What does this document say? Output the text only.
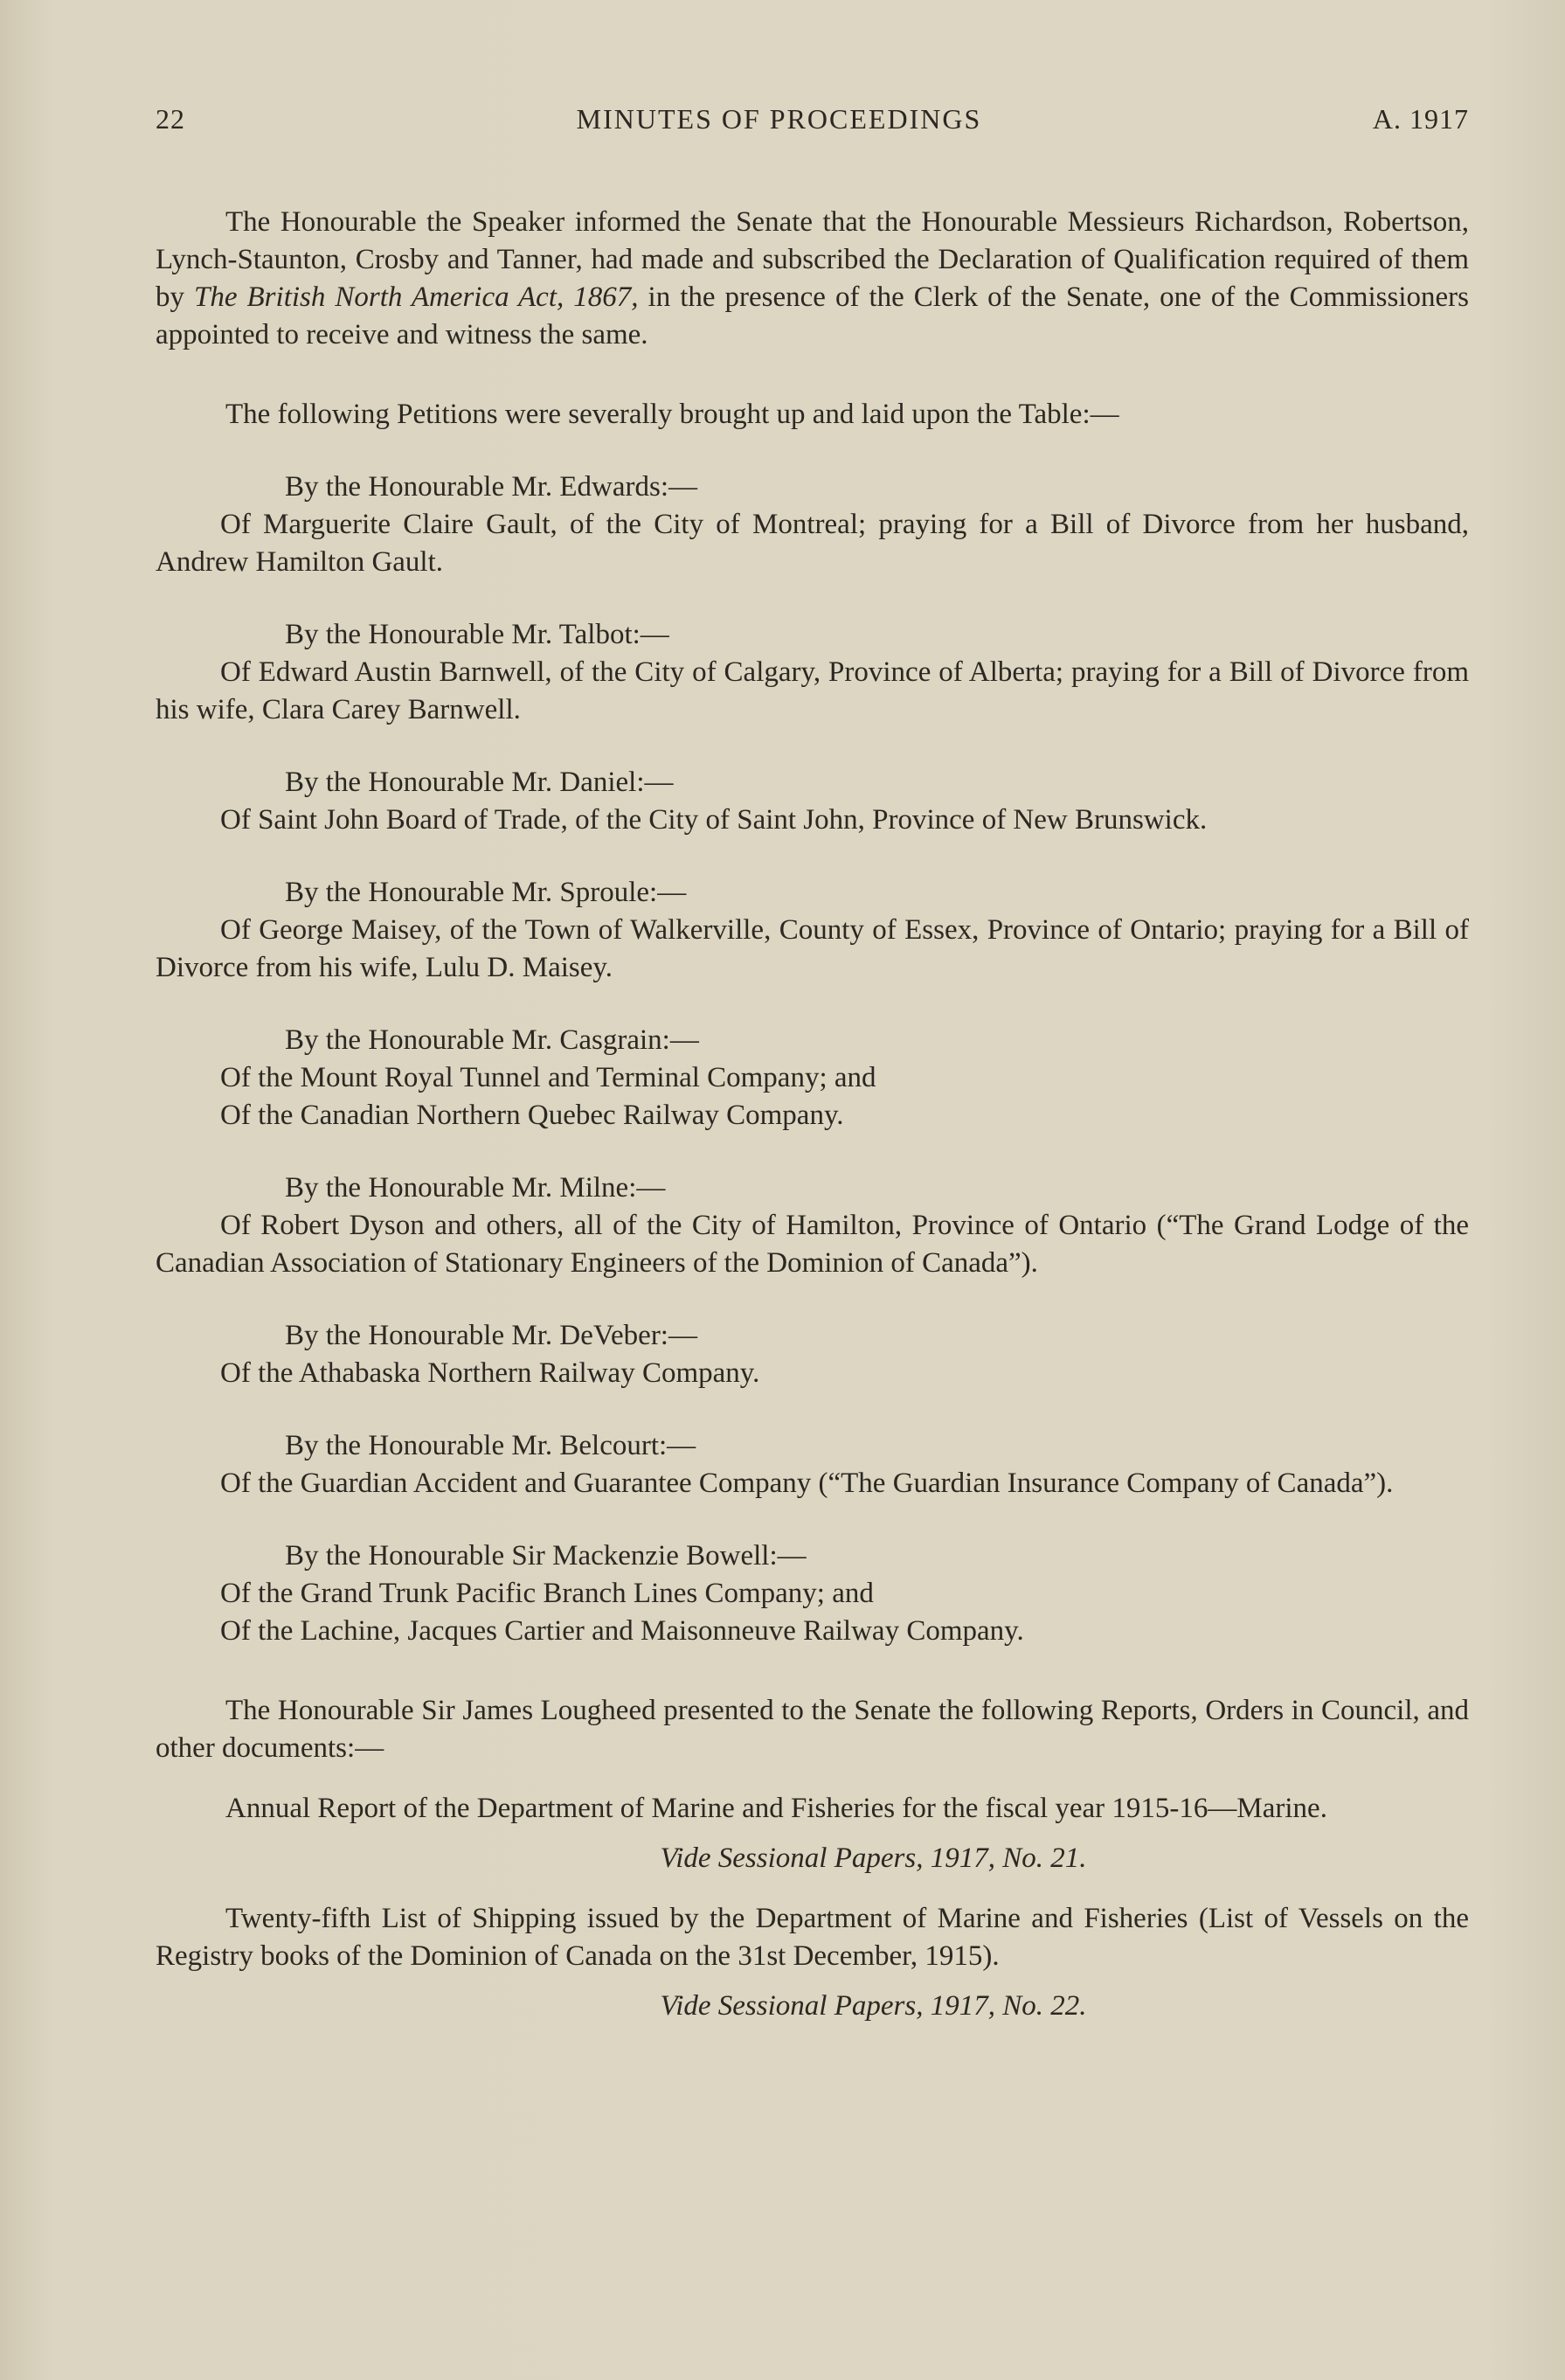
22	MINUTES OF PROCEEDINGS	A. 1917

The Honourable the Speaker informed the Senate that the Honourable Messieurs Richardson, Robertson, Lynch-Staunton, Crosby and Tanner, had made and subscribed the Declaration of Qualification required of them by The British North America Act, 1867, in the presence of the Clerk of the Senate, one of the Commissioners appointed to receive and witness the same.

The following Petitions were severally brought up and laid upon the Table:—

By the Honourable Mr. Edwards:—

Of Marguerite Claire Gault, of the City of Montreal; praying for a Bill of Divorce from her husband, Andrew Hamilton Gault.

By the Honourable Mr. Talbot:—

Of Edward Austin Barnwell, of the City of Calgary, Province of Alberta; praying for a Bill of Divorce from his wife, Clara Carey Barnwell.

By the Honourable Mr. Daniel:—

Of Saint John Board of Trade, of the City of Saint John, Province of New Brunswick.

By the Honourable Mr. Sproule:—

Of George Maisey, of the Town of Walkerville, County of Essex, Province of Ontario; praying for a Bill of Divorce from his wife, Lulu D. Maisey.

By the Honourable Mr. Casgrain:—

Of the Mount Royal Tunnel and Terminal Company; and

Of the Canadian Northern Quebec Railway Company.

By the Honourable Mr. Milne:—

Of Robert Dyson and others, all of the City of Hamilton, Province of Ontario (“The Grand Lodge of the Canadian Association of Stationary Engineers of the Dominion of Canada”).

By the Honourable Mr. DeVeber:—

Of the Athabaska Northern Railway Company.

By the Honourable Mr. Belcourt:—

Of the Guardian Accident and Guarantee Company (“The Guardian Insurance Company of Canada”).

By the Honourable Sir Mackenzie Bowell:—

Of the Grand Trunk Pacific Branch Lines Company; and

Of the Lachine, Jacques Cartier and Maisonneuve Railway Company.

The Honourable Sir James Lougheed presented to the Senate the following Reports, Orders in Council, and other documents:—

Annual Report of the Department of Marine and Fisheries for the fiscal year 1915-16—Marine.

Vide Sessional Papers, 1917, No. 21.

Twenty-fifth List of Shipping issued by the Department of Marine and Fisheries (List of Vessels on the Registry books of the Dominion of Canada on the 31st December, 1915).

Vide Sessional Papers, 1917, No. 22.
